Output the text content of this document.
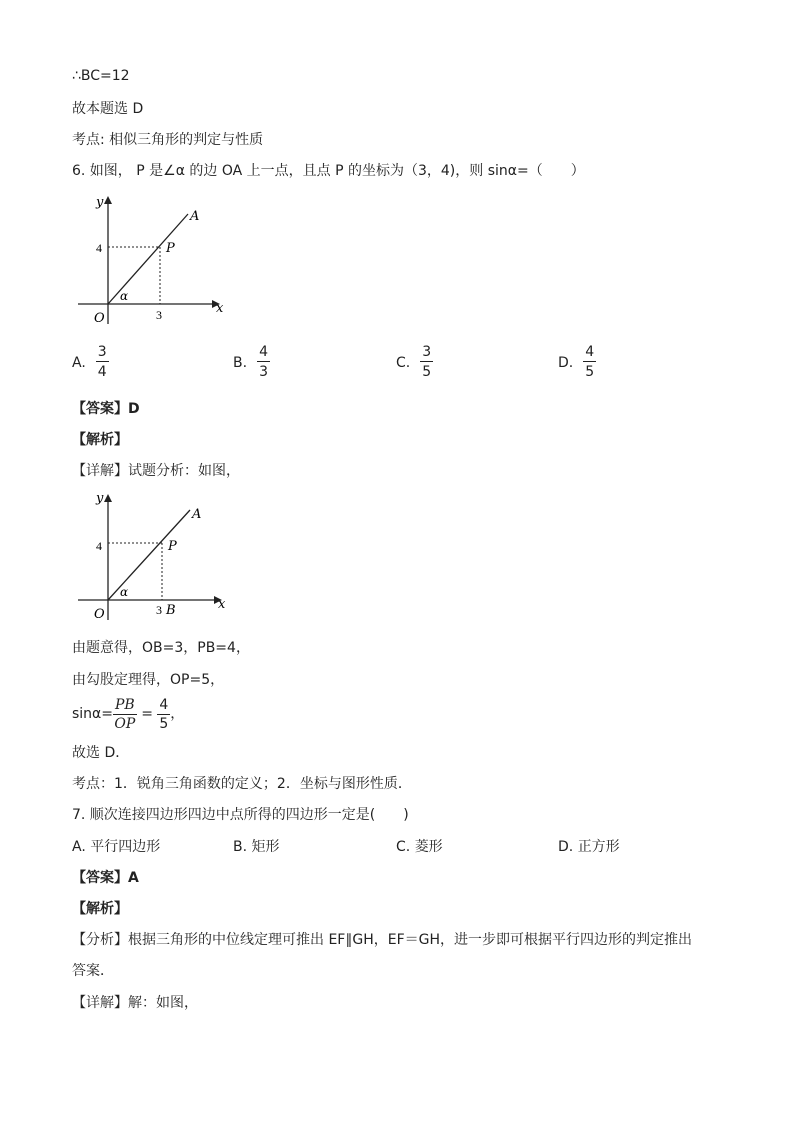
∴BC=12
故本题选 D
考点: 相似三角形的判定与性质
6. 如图， P 是∠α 的边 OA 上一点，且点 P 的坐标为（3，4)，则 sinα=（　　）
y
x
O
A
P
α
4
3
A. $\frac{3}{4}$	B. $\frac{4}{3}$	C. $\frac{3}{5}$	D. $\frac{4}{5}$
【答案】D
【解析】
【详解】试题分析：如图，
y
x
O
A
P
α
4
3 B
由题意得，OB=3，PB=4，
由勾股定理得，OP=5，
$\sin\alpha= \frac{PB}{OP} = \frac{4}{5}$ ，
故选 D．
考点：1．锐角三角函数的定义；2．坐标与图形性质．
7. 顺次连接四边形四边中点所得的四边形一定是(　　)
A. 平行四边形	B. 矩形	C. 菱形	D. 正方形
【答案】A
【解析】
【分析】根据三角形的中位线定理可推出 EF∥GH，EF＝GH，进一步即可根据平行四边形的判定推出
答案．
【详解】解：如图，
